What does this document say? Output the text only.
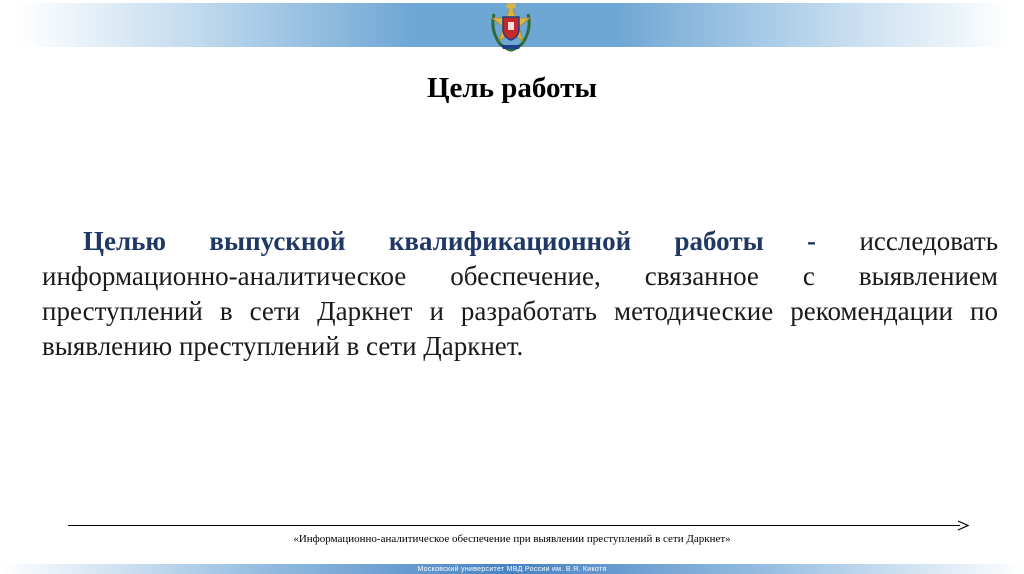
Цель работы
Целью выпускной квалификационной работы - исследовать информационно-аналитическое обеспечение, связанное с выявлением преступлений в сети Даркнет и разработать методические рекомендации по выявлению преступлений в сети Даркнет.
«Информационно-аналитическое обеспечение при выявлении преступлений в сети Даркнет»
Московский университет МВД России им. В.Я. Кикотя
